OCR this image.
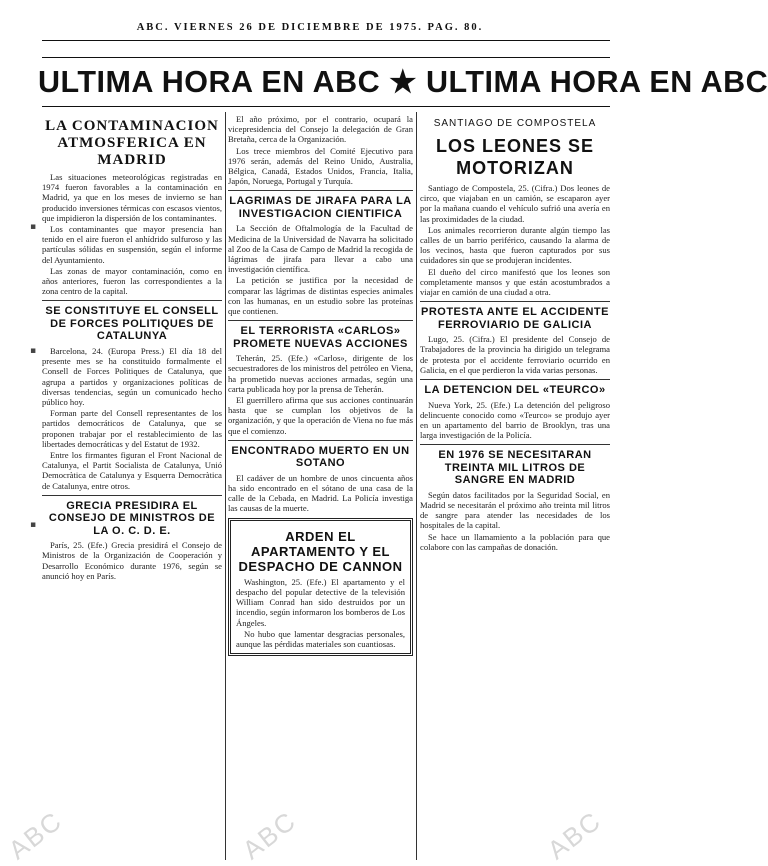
ABC	ABC	ABC
ABC. VIERNES 26 DE DICIEMBRE DE 1975. PAG. 80.
ULTIMA HORA EN ABC ★ ULTIMA HORA EN ABC
▪
▪
▪
LA CONTAMINACION ATMOSFERICA EN MADRID

Las situaciones meteorológicas registradas en 1974 fueron favorables a la contaminación en Madrid, ya que en los meses de invierno se han producido inversiones térmicas con escasos vientos, que impidieron la dispersión de los contaminantes.

Los contaminantes que mayor presencia han tenido en el aire fueron el anhídrido sulfuroso y las partículas sólidas en suspensión, según el informe del Ayuntamiento.

Las zonas de mayor contaminación, como en años anteriores, fueron las correspondientes a la zona centro de la capital.

SE CONSTITUYE EL CONSELL DE FORCES POLITIQUES DE CATALUNYA

Barcelona, 24. (Europa Press.) El día 18 del presente mes se ha constituido formalmente el Consell de Forces Politiques de Catalunya, que agrupa a partidos y organizaciones políticas de diversas tendencias, según un comunicado hecho público hoy.

Forman parte del Consell representantes de los partidos democráticos de Catalunya, que se proponen trabajar por el restablecimiento de las libertades democráticas y del Estatut de 1932.

Entre los firmantes figuran el Front Nacional de Catalunya, el Partit Socialista de Catalunya, Unió Democràtica de Catalunya y Esquerra Democràtica de Catalunya, entre otros.

GRECIA PRESIDIRA EL CONSEJO DE MINISTROS DE LA O. C. D. E.

París, 25. (Efe.) Grecia presidirá el Consejo de Ministros de la Organización de Cooperación y Desarrollo Económico durante 1976, según se anunció hoy en París.

El año próximo, por el contrario, ocupará la vicepresidencia del Consejo la delegación de Gran Bretaña, cerca de la Organización.

Los trece miembros del Comité Ejecutivo para 1976 serán, además del Reino Unido, Australia, Bélgica, Canadá, Estados Unidos, Francia, Italia, Japón, Noruega, Portugal y Turquía.

LAGRIMAS DE JIRAFA PARA LA INVESTIGACION CIENTIFICA

La Sección de Oftalmología de la Facultad de Medicina de la Universidad de Navarra ha solicitado al Zoo de la Casa de Campo de Madrid la recogida de lágrimas de jirafa para llevar a cabo una investigación científica.

La petición se justifica por la necesidad de comparar las lágrimas de distintas especies animales con las humanas, en un estudio sobre las proteínas que contienen.

EL TERRORISTA «CARLOS» PROMETE NUEVAS ACCIONES

Teherán, 25. (Efe.) «Carlos», dirigente de los secuestradores de los ministros del petróleo en Viena, ha prometido nuevas acciones armadas, según una carta publicada hoy por la prensa de Teherán.

El guerrillero afirma que sus acciones continuarán hasta que se cumplan los objetivos de la organización, y que la operación de Viena no fue más que el comienzo.

ENCONTRADO MUERTO EN UN SOTANO

El cadáver de un hombre de unos cincuenta años ha sido encontrado en el sótano de una casa de la calle de la Cebada, en Madrid. La Policía investiga las causas de la muerte.

ARDEN EL APARTAMENTO Y EL DESPACHO DE CANNON

Washington, 25. (Efe.) El apartamento y el despacho del popular detective de la televisión William Conrad han sido destruidos por un incendio, según informaron los bomberos de Los Ángeles.

No hubo que lamentar desgracias personales, aunque las pérdidas materiales son cuantiosas.

SANTIAGO DE COMPOSTELA
LOS LEONES SE MOTORIZAN

Santiago de Compostela, 25. (Cifra.) Dos leones de circo, que viajaban en un camión, se escaparon ayer por la mañana cuando el vehículo sufrió una avería en las proximidades de la ciudad.

Los animales recorrieron durante algún tiempo las calles de un barrio periférico, causando la alarma de los vecinos, hasta que fueron capturados por sus cuidadores sin que se produjeran incidentes.

El dueño del circo manifestó que los leones son completamente mansos y que están acostumbrados a viajar en camión de una ciudad a otra.

PROTESTA ANTE EL ACCIDENTE FERROVIARIO DE GALICIA

Lugo, 25. (Cifra.) El presidente del Consejo de Trabajadores de la provincia ha dirigido un telegrama de protesta por el accidente ferroviario ocurrido en Galicia, en el que perdieron la vida varias personas.

LA DETENCION DEL «TEURCO»

Nueva York, 25. (Efe.) La detención del peligroso delincuente conocido como «Teurco» se produjo ayer en un apartamento del barrio de Brooklyn, tras una larga investigación de la Policía.

EN 1976 SE NECESITARAN TREINTA MIL LITROS DE SANGRE EN MADRID

Según datos facilitados por la Seguridad Social, en Madrid se necesitarán el próximo año treinta mil litros de sangre para atender las necesidades de los hospitales de la capital.

Se hace un llamamiento a la población para que colabore con las campañas de donación.
